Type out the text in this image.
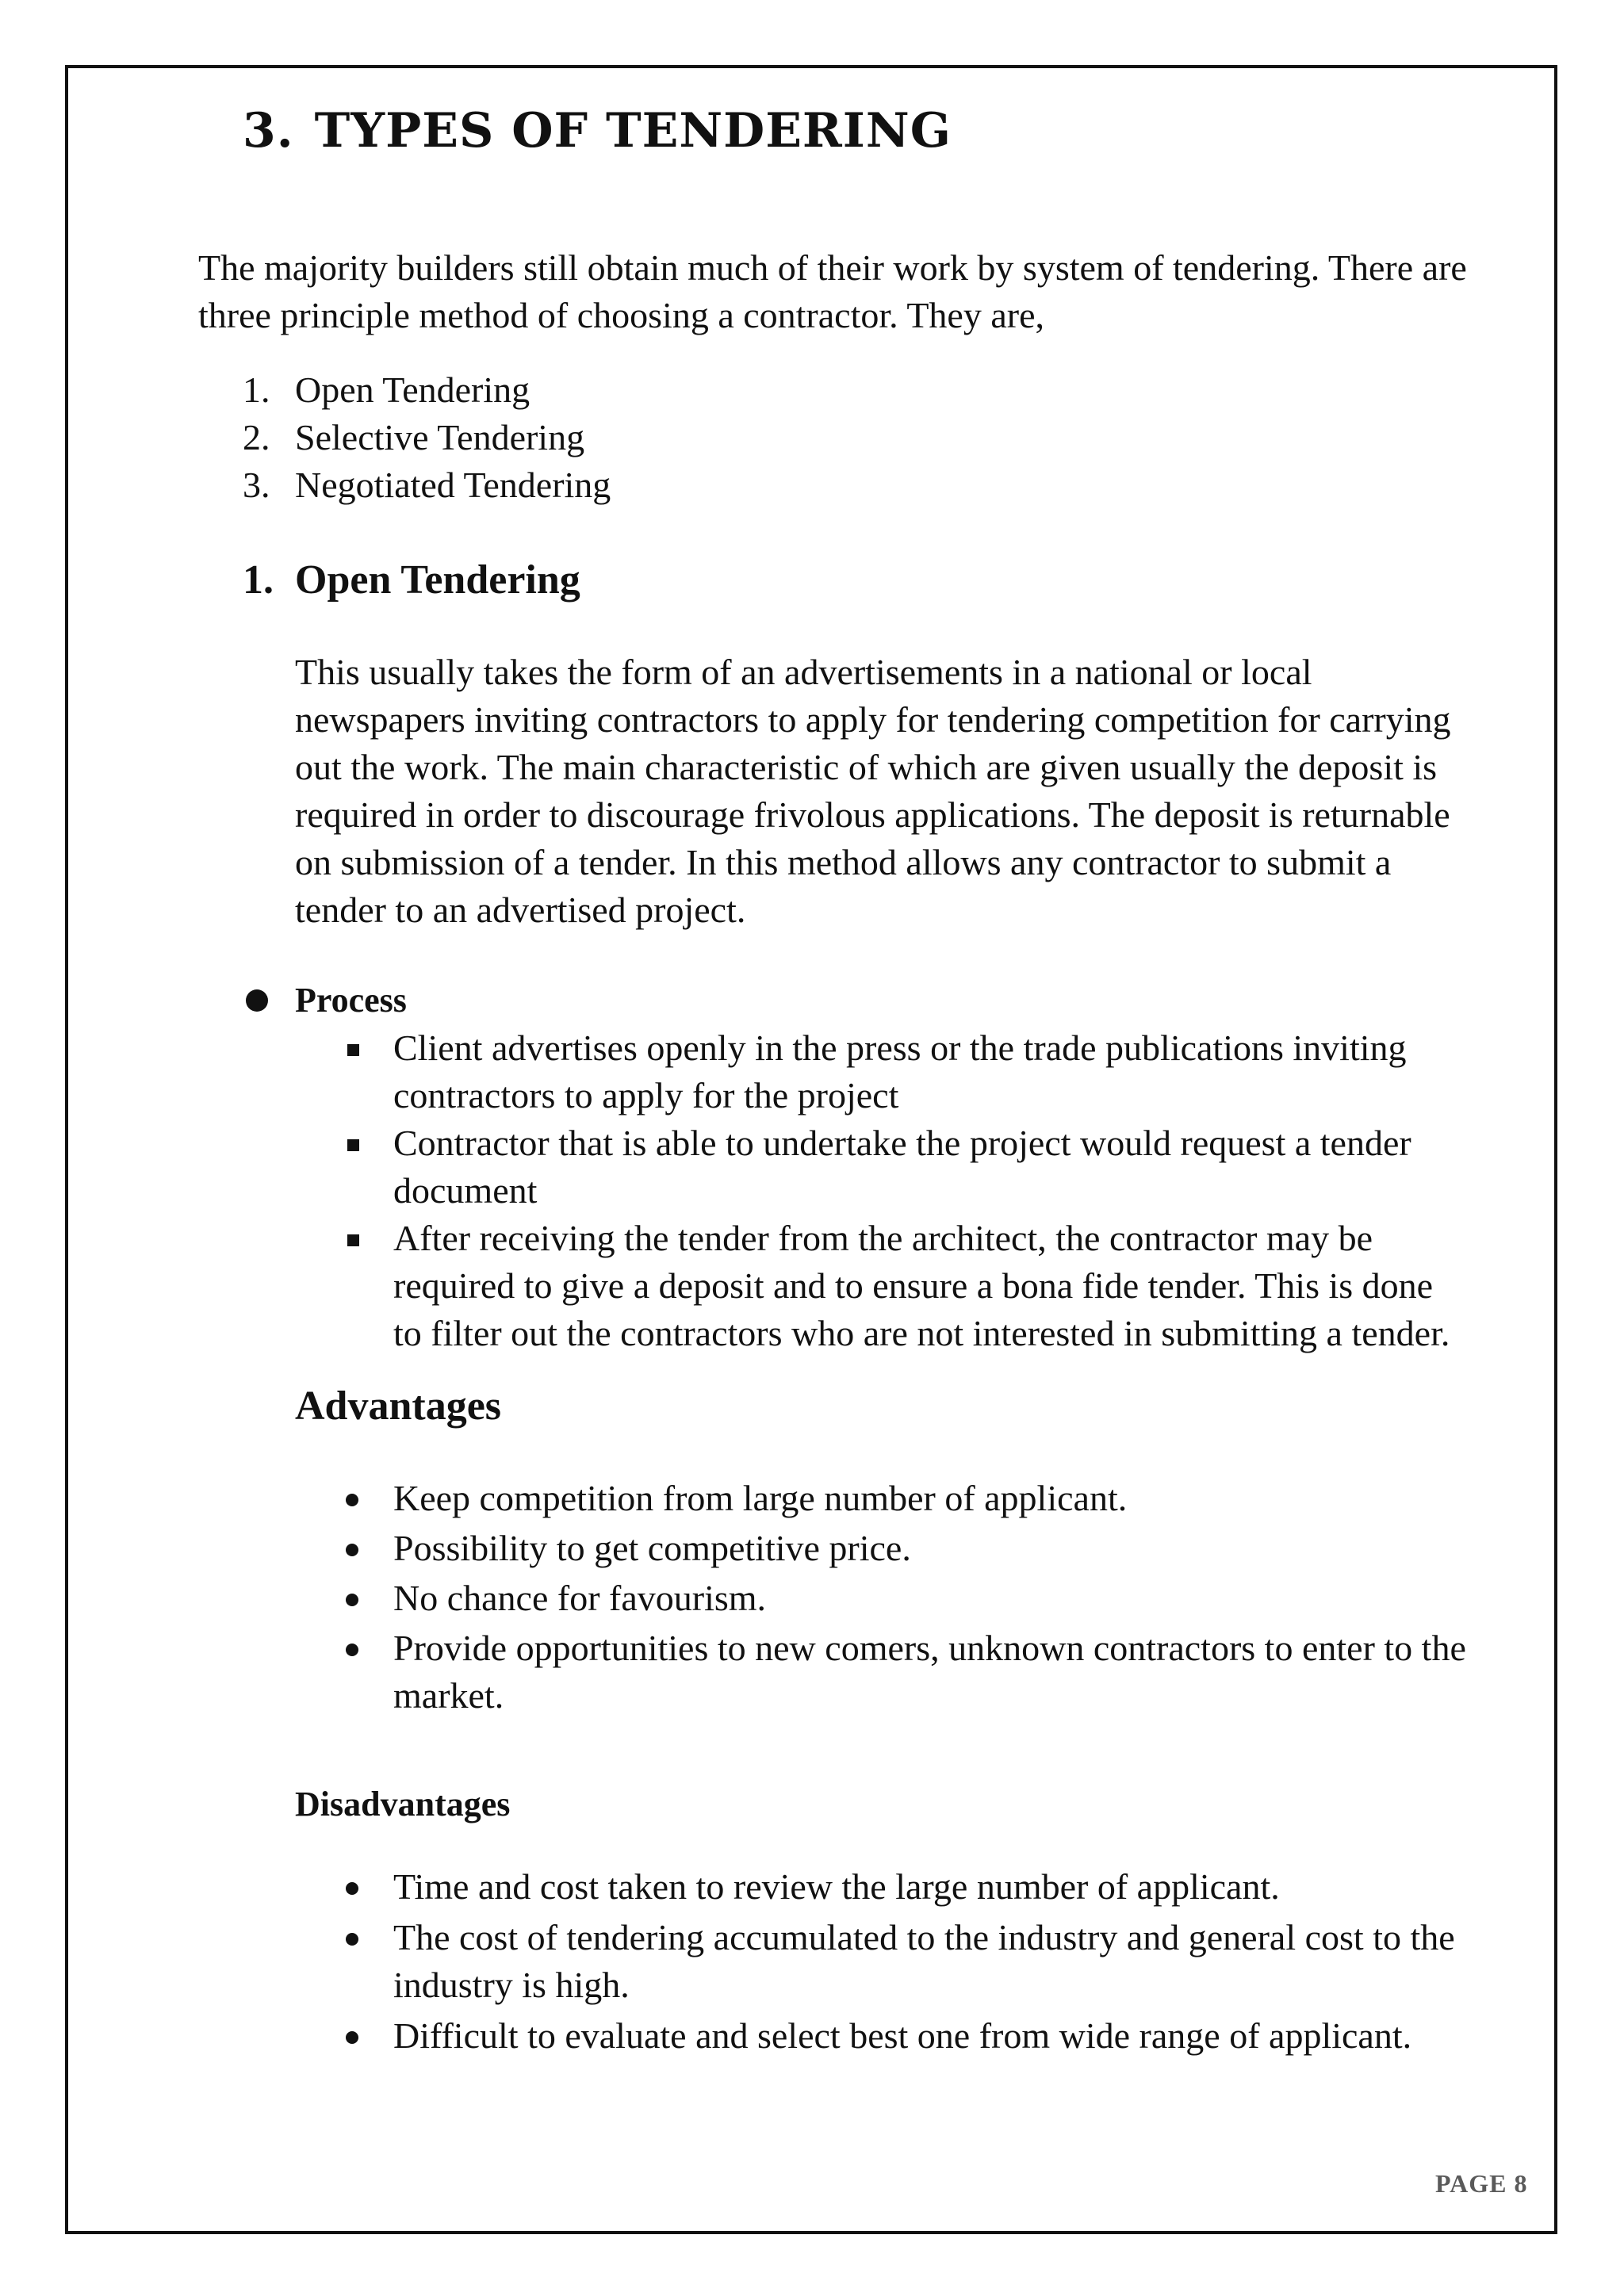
3. TYPES OF TENDERING
The majority builders still obtain much of their work by system of tendering. There are
three principle method of choosing a contractor. They are,
1. Open Tendering
2. Selective Tendering
3. Negotiated Tendering
1. Open Tendering
This usually takes the form of an advertisements in a national or local
newspapers inviting contractors to apply for tendering competition for carrying
out the work. The main characteristic of which are given usually the deposit is
required in order to discourage frivolous applications. The deposit is returnable
on submission of a tender. In this method allows any contractor to submit a
tender to an advertised project.
Process
Client advertises openly in the press or the trade publications inviting
contractors to apply for the project
Contractor that is able to undertake the project would request a tender
document
After receiving the tender from the architect, the contractor may be
required to give a deposit and to ensure a bona fide tender. This is done
to filter out the contractors who are not interested in submitting a tender.
Advantages
Keep competition from large number of applicant.
Possibility to get competitive price.
No chance for favourism.
Provide opportunities to new comers, unknown contractors to enter to the
market.
Disadvantages
Time and cost taken to review the large number of applicant.
The cost of tendering accumulated to the industry and general cost to the
industry is high.
Difficult to evaluate and select best one from wide range of applicant.
PAGE 8
